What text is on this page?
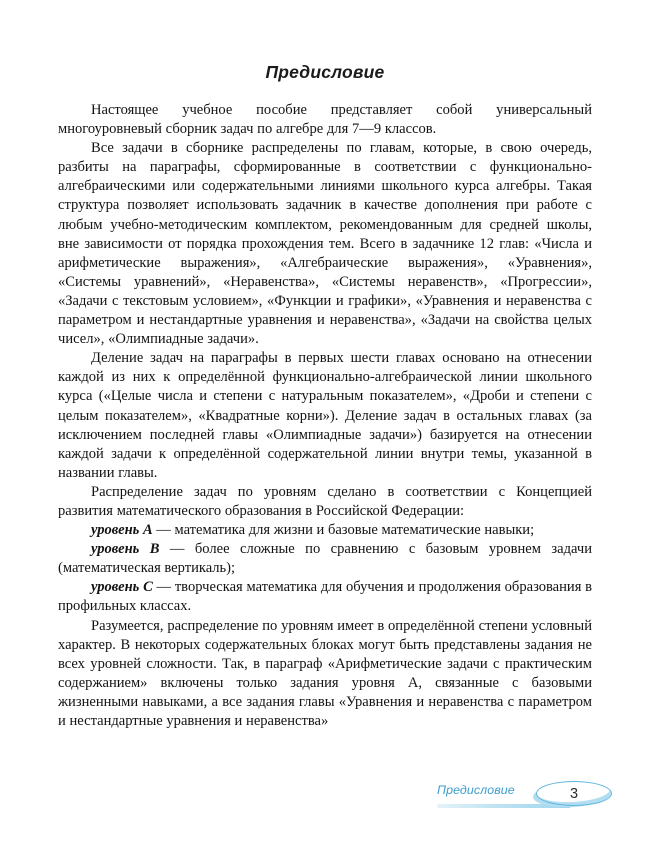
Предисловие

Настоящее учебное пособие представляет собой универсальный многоуровневый сборник задач по алгебре для 7—9 классов.

Все задачи в сборнике распределены по главам, которые, в свою очередь, разбиты на параграфы, сформированные в соответствии с функционально-алгебраическими или содержательными линиями школьного курса алгебры. Такая структура позволяет использовать задачник в качестве дополнения при работе с любым учебно-методическим комплектом, рекомендованным для средней школы, вне зависимости от порядка прохождения тем. Всего в задачнике 12 глав: «Числа и арифметические выражения», «Алгебраические выражения», «Уравнения», «Системы уравнений», «Неравенства», «Системы неравенств», «Прогрессии», «Задачи с текстовым условием», «Функции и графики», «Уравнения и неравенства с параметром и нестандартные уравнения и неравенства», «Задачи на свойства целых чисел», «Олимпиадные задачи».

Деление задач на параграфы в первых шести главах основано на отнесении каждой из них к определённой функционально-алгебраической линии школьного курса («Целые числа и степени с натуральным показателем», «Дроби и степени с целым показателем», «Квадратные корни»). Деление задач в остальных главах (за исключением последней главы «Олимпиадные задачи») базируется на отнесении каждой задачи к определённой содержательной линии внутри темы, указанной в названии главы.

Распределение задач по уровням сделано в соответствии с Концепцией развития математического образования в Российской Федерации:

уровень A — математика для жизни и базовые математические навыки;

уровень B — более сложные по сравнению с базовым уровнем задачи (математическая вертикаль);

уровень C — творческая математика для обучения и продолжения образования в профильных классах.

Разумеется, распределение по уровням имеет в определённой степени условный характер. В некоторых содержательных блоках могут быть представлены задания не всех уровней сложности. Так, в параграф «Арифметические задачи с практическим содержанием» включены только задания уровня A, связанные с базовыми жизненными навыками, а все задания главы «Уравнения и неравенства с параметром и нестандартные уравнения и неравенства»

Предисловие	3
